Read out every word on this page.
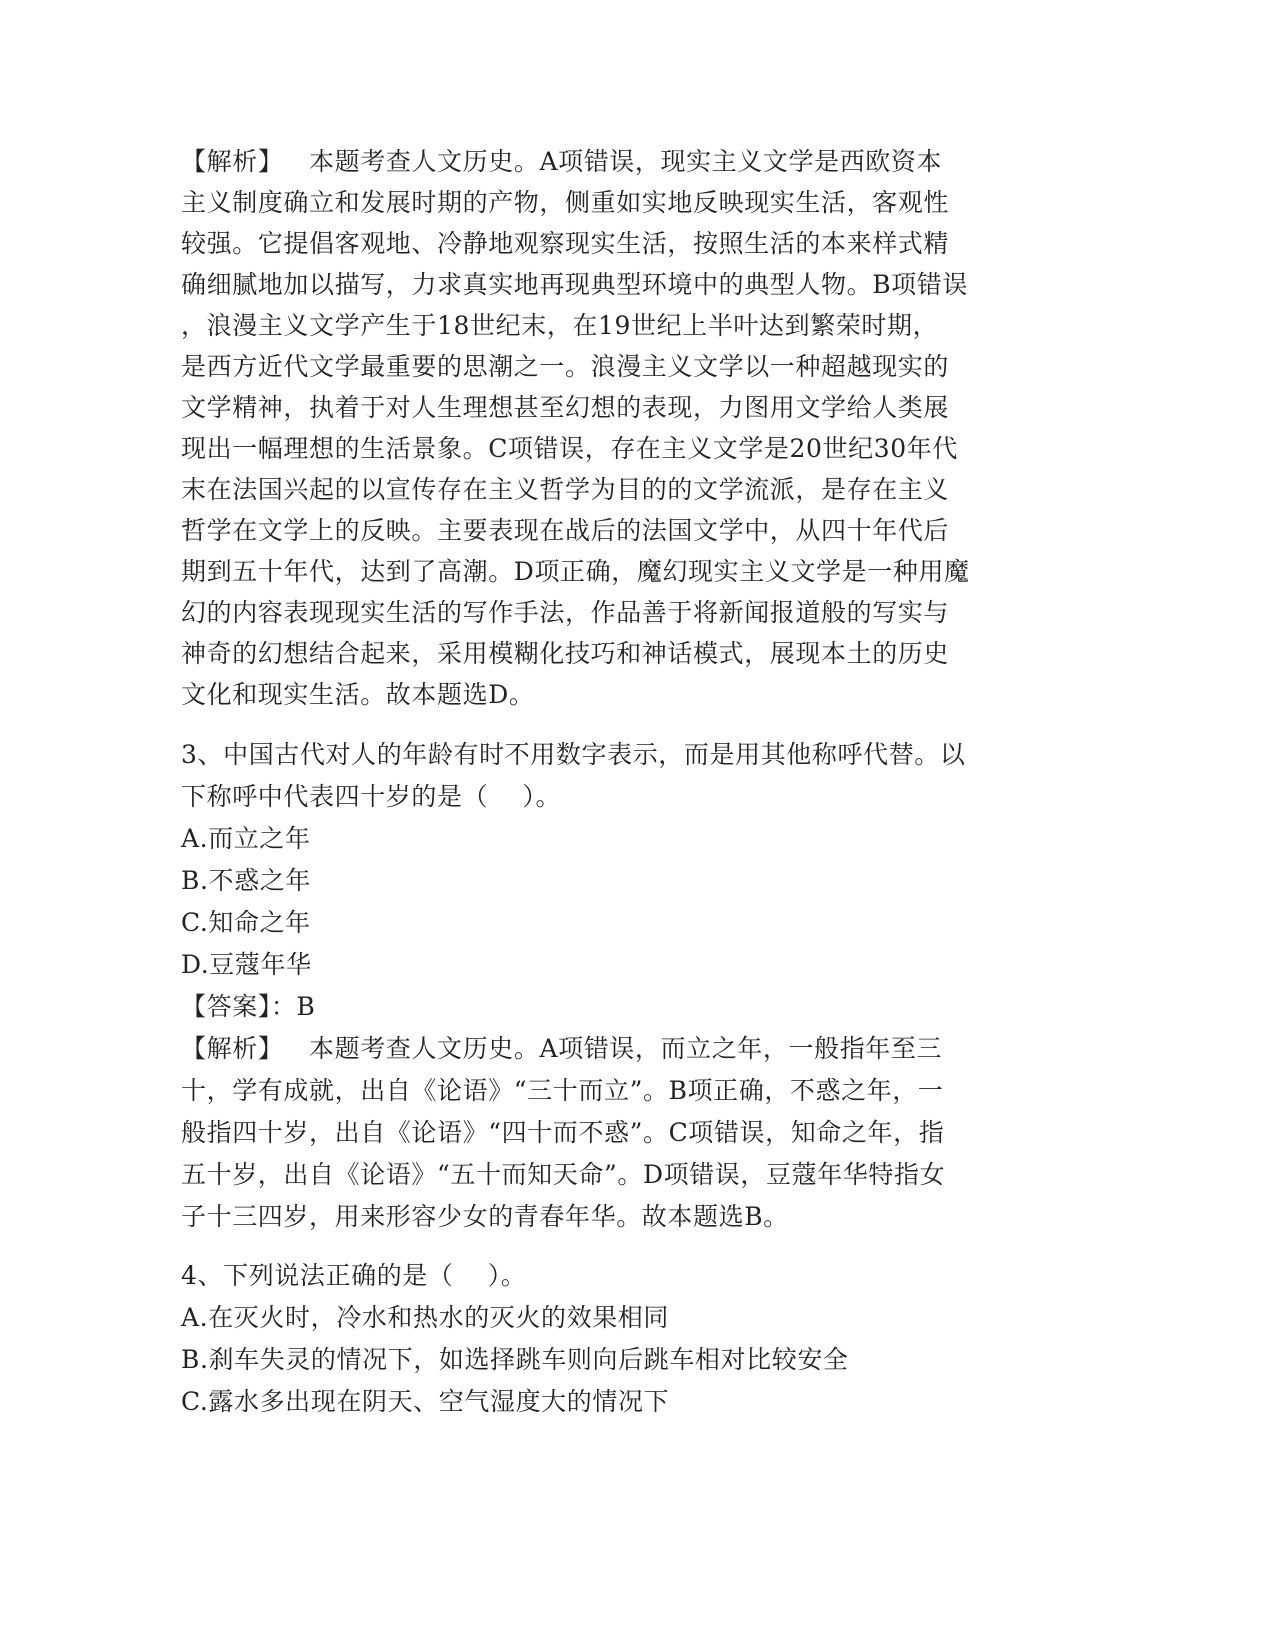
【解析】   本题考查人文历史。A项错误，现实主义文学是西欧资本
主义制度确立和发展时期的产物，侧重如实地反映现实生活，客观性
较强。它提倡客观地、冷静地观察现实生活，按照生活的本来样式精
确细腻地加以描写，力求真实地再现典型环境中的典型人物。B项错误
，浪漫主义文学产生于18世纪末，在19世纪上半叶达到繁荣时期，
是西方近代文学最重要的思潮之一。浪漫主义文学以一种超越现实的
文学精神，执着于对人生理想甚至幻想的表现，力图用文学给人类展
现出一幅理想的生活景象。C项错误，存在主义文学是20世纪30年代
末在法国兴起的以宣传存在主义哲学为目的的文学流派，是存在主义
哲学在文学上的反映。主要表现在战后的法国文学中，从四十年代后
期到五十年代，达到了高潮。D项正确，魔幻现实主义文学是一种用魔
幻的内容表现现实生活的写作手法，作品善于将新闻报道般的写实与
神奇的幻想结合起来，采用模糊化技巧和神话模式，展现本土的历史
文化和现实生活。故本题选D。
3、中国古代对人的年龄有时不用数字表示，而是用其他称呼代替。以
下称呼中代表四十岁的是（    ）。
A.而立之年
B.不惑之年
C.知命之年
D.豆蔻年华
【答案】：B
【解析】   本题考查人文历史。A项错误，而立之年，一般指年至三
十，学有成就，出自《论语》“三十而立”。B项正确，不惑之年，一
般指四十岁，出自《论语》“四十而不惑”。C项错误，知命之年，指
五十岁，出自《论语》“五十而知天命”。D项错误，豆蔻年华特指女
子十三四岁，用来形容少女的青春年华。故本题选B。
4、下列说法正确的是（    ）。
A.在灭火时，冷水和热水的灭火的效果相同
B.刹车失灵的情况下，如选择跳车则向后跳车相对比较安全
C.露水多出现在阴天、空气湿度大的情况下
